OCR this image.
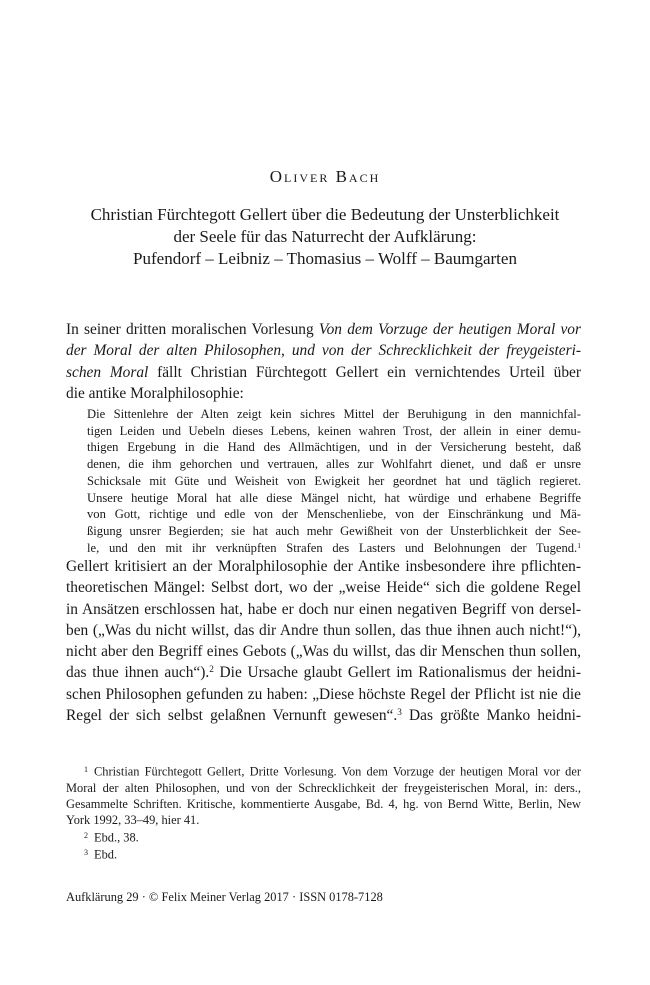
Oliver Bach
Christian Fürchtegott Gellert über die Bedeutung der Unsterblichkeit
der Seele für das Naturrecht der Aufklärung:
Pufendorf – Leibniz – Thomasius – Wolff – Baumgarten
In seiner dritten moralischen Vorlesung Von dem Vorzuge der heutigen Moral vor
der Moral der alten Philosophen, und von der Schrecklichkeit der freygeisteri-
schen Moral fällt Christian Fürchtegott Gellert ein vernichtendes Urteil über
die antike Moralphilosophie:
Die Sittenlehre der Alten zeigt kein sichres Mittel der Beruhigung in den mannichfal-
tigen Leiden und Uebeln dieses Lebens, keinen wahren Trost, der allein in einer demu-
thigen Ergebung in die Hand des Allmächtigen, und in der Versicherung besteht, daß
denen, die ihm gehorchen und vertrauen, alles zur Wohlfahrt dienet, und daß er unsre
Schicksale mit Güte und Weisheit von Ewigkeit her geordnet hat und täglich regieret.
Unsere heutige Moral hat alle diese Mängel nicht, hat würdige und erhabene Begriffe
von Gott, richtige und edle von der Menschenliebe, von der Einschränkung und Mä-
ßigung unsrer Begierden; sie hat auch mehr Gewißheit von der Unsterblichkeit der See-
le, und den mit ihr verknüpften Strafen des Lasters und Belohnungen der Tugend.$^1$
Gellert kritisiert an der Moralphilosophie der Antike insbesondere ihre pflichten-
theoretischen Mängel: Selbst dort, wo der „weise Heide“ sich die goldene Regel
in Ansätzen erschlossen hat, habe er doch nur einen negativen Begriff von dersel-
ben („Was du nicht willst, das dir Andre thun sollen, das thue ihnen auch nicht!“),
nicht aber den Begriff eines Gebots („Was du willst, das dir Menschen thun sollen,
das thue ihnen auch“).$^2$ Die Ursache glaubt Gellert im Rationalismus der heidni-
schen Philosophen gefunden zu haben: „Diese höchste Regel der Pflicht ist nie die
Regel der sich selbst gelaßnen Vernunft gewesen“.$^3$ Das größte Manko heidni-
$^1$ Christian Fürchtegott Gellert, Dritte Vorlesung. Von dem Vorzuge der heutigen Moral vor der
Moral der alten Philosophen, und von der Schrecklichkeit der freygeisterischen Moral, in: ders.,
Gesammelte Schriften. Kritische, kommentierte Ausgabe, Bd. 4, hg. von Bernd Witte, Berlin, New
York 1992, 33–49, hier 41.
$^2$ Ebd., 38.
$^3$ Ebd.
Aufklärung 29 · © Felix Meiner Verlag 2017 · ISSN 0178-7128
